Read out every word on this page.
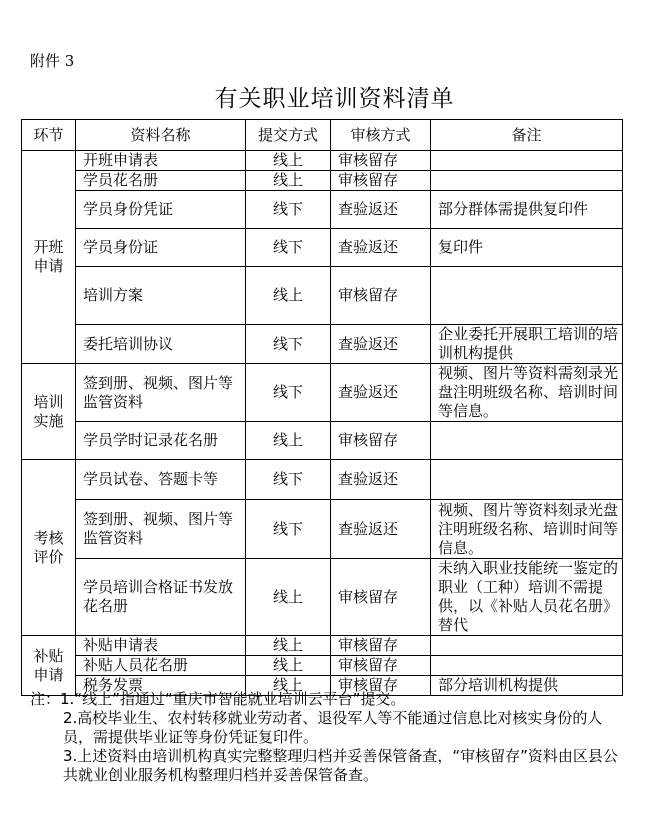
附件 3
有关职业培训资料清单
环节	资料名称	提交方式	审核方式	备注
开班
申请	开班申请表	线上	审核留存	
	学员花名册	线上	审核留存	
	学员身份凭证	线下	查验返还	部分群体需提供复印件
	学员身份证	线下	查验返还	复印件
	培训方案	线上	审核留存	
	委托培训协议	线下	查验返还	企业委托开展职工培训的培训机构提供
培训
实施	签到册、视频、图片等监管资料	线下	查验返还	视频、图片等资料需刻录光盘注明班级名称、培训时间等信息。
	学员学时记录花名册	线上	审核留存	
考核
评价	学员试卷、答题卡等	线下	查验返还	
	签到册、视频、图片等监管资料	线下	查验返还	视频、图片等资料刻录光盘注明班级名称、培训时间等信息。
	学员培训合格证书发放花名册	线上	审核留存	未纳入职业技能统一鉴定的职业（工种）培训不需提供，以《补贴人员花名册》替代
补贴
申请	补贴申请表	线上	审核留存	
	补贴人员花名册	线上	审核留存	
	税务发票	线上	审核留存	部分培训机构提供

注：1.“线上”指通过“重庆市智能就业培训云平台”提交。

2.高校毕业生、农村转移就业劳动者、退役军人等不能通过信息比对核实身份的人员，需提供毕业证等身份凭证复印件。

3.上述资料由培训机构真实完整整理归档并妥善保管备查，“审核留存”资料由区县公共就业创业服务机构整理归档并妥善保管备查。
